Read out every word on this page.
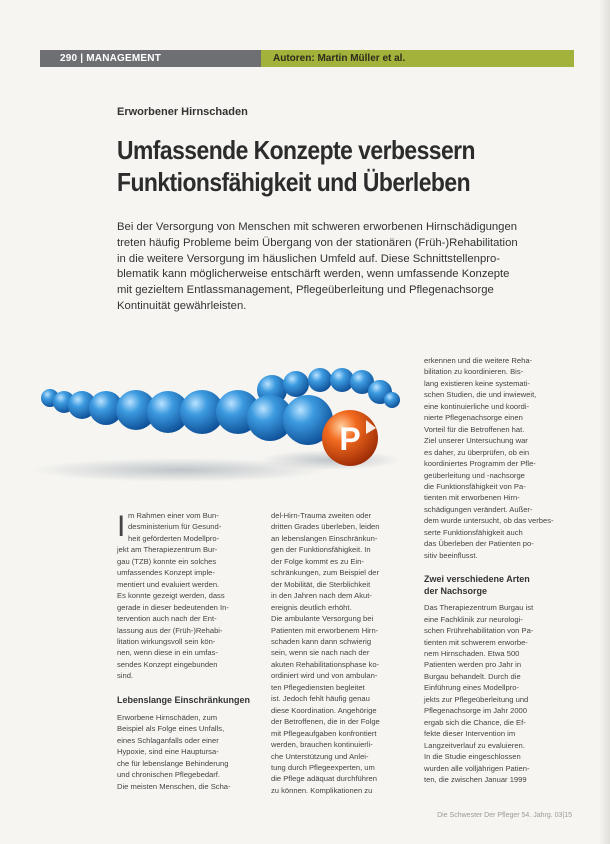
290 | MANAGEMENT	Autoren: Martin Müller et al.
Erworbener Hirnschaden
Umfassende Konzepte verbessern
Funktionsfähigkeit und Überleben
Bei der Versorgung von Menschen mit schweren erworbenen Hirnschädigungen
treten häufig Probleme beim Übergang von der stationären (Früh-)Rehabilitation
in die weitere Versorgung im häuslichen Umfeld auf. Diese Schnittstellenpro-
blematik kann möglicherweise entschärft werden, wenn umfassende Konzepte
mit gezieltem Entlassmanagement, Pflegeüberleitung und Pflegenachsorge
Kontinuität gewährleisten.
P
I m Rahmen einer vom Bun-
desministerium für Gesund-
heit geförderten Modellpro-
jekt am Therapiezentrum Bur-
gau (TZB) konnte ein solches
umfassendes Konzept imple-
mentiert und evaluiert werden.
Es konnte gezeigt werden, dass
gerade in dieser bedeutenden In-
tervention auch nach der Ent-
lassung aus der (Früh-)Rehabi-
litation wirkungsvoll sein kön-
nen, wenn diese in ein umfas-
sendes Konzept eingebunden
sind.
Lebenslange Einschränkungen
Erworbene Hirnschäden, zum
Beispiel als Folge eines Unfalls,
eines Schlaganfalls oder einer
Hypoxie, sind eine Hauptursa-
che für lebenslange Behinderung
und chronischen Pflegebedarf.
Die meisten Menschen, die Scha-
del-Hirn-Trauma zweiten oder
dritten Grades überleben, leiden
an lebenslangen Einschränkun-
gen der Funktionsfähigkeit. In
der Folge kommt es zu Ein-
schränkungen, zum Beispiel der
der Mobilität, die Sterblichkeit
in den Jahren nach dem Akut-
ereignis deutlich erhöht.
Die ambulante Versorgung bei
Patienten mit erworbenem Hirn-
schaden kann dann schwierig
sein, wenn sie nach nach der
akuten Rehabilitationsphase ko-
ordiniert wird und von ambulan-
ten Pflegediensten begleitet
ist. Jedoch fehlt häufig genau
diese Koordination. Angehörige
der Betroffenen, die in der Folge
mit Pflegeaufgaben konfrontiert
werden, brauchen kontinuierli-
che Unterstützung und Anlei-
tung durch Pflegeexperten, um
die Pflege adäquat durchführen
zu können. Komplikationen zu
erkennen und die weitere Reha-
bilitation zu koordinieren. Bis-
lang existieren keine systemati-
schen Studien, die und inwieweit,
eine kontinuierliche und koordi-
nierte Pflegenachsorge einen
Vorteil für die Betroffenen hat.
Ziel unserer Untersuchung war
es daher, zu überprüfen, ob ein
koordiniertes Programm der Pfle-
geüberleitung und -nachsorge
die Funktionsfähigkeit von Pa-
tienten mit erworbenen Hirn-
schädigungen verändert. Außer-
dem wurde untersucht, ob das verbes-
serte Funktionsfähigkeit auch
das Überleben der Patienten po-
sitiv beeinflusst.
Zwei verschiedene Arten
der Nachsorge
Das Therapiezentrum Burgau ist
eine Fachklinik zur neurologi-
schen Frührehabilitation von Pa-
tienten mit schwerem erworbe-
nem Hirnschaden. Etwa 500
Patienten werden pro Jahr in
Burgau behandelt. Durch die
Einführung eines Modellpro-
jekts zur Pflegeüberleitung und
Pflegenachsorge im Jahr 2000
ergab sich die Chance, die Ef-
fekte dieser Intervention im
Langzeitverlauf zu evaluieren.
In die Studie eingeschlossen
wurden alle volljährigen Patien-
ten, die zwischen Januar 1999
Die Schwester Der Pfleger 54. Jahrg. 03|15
